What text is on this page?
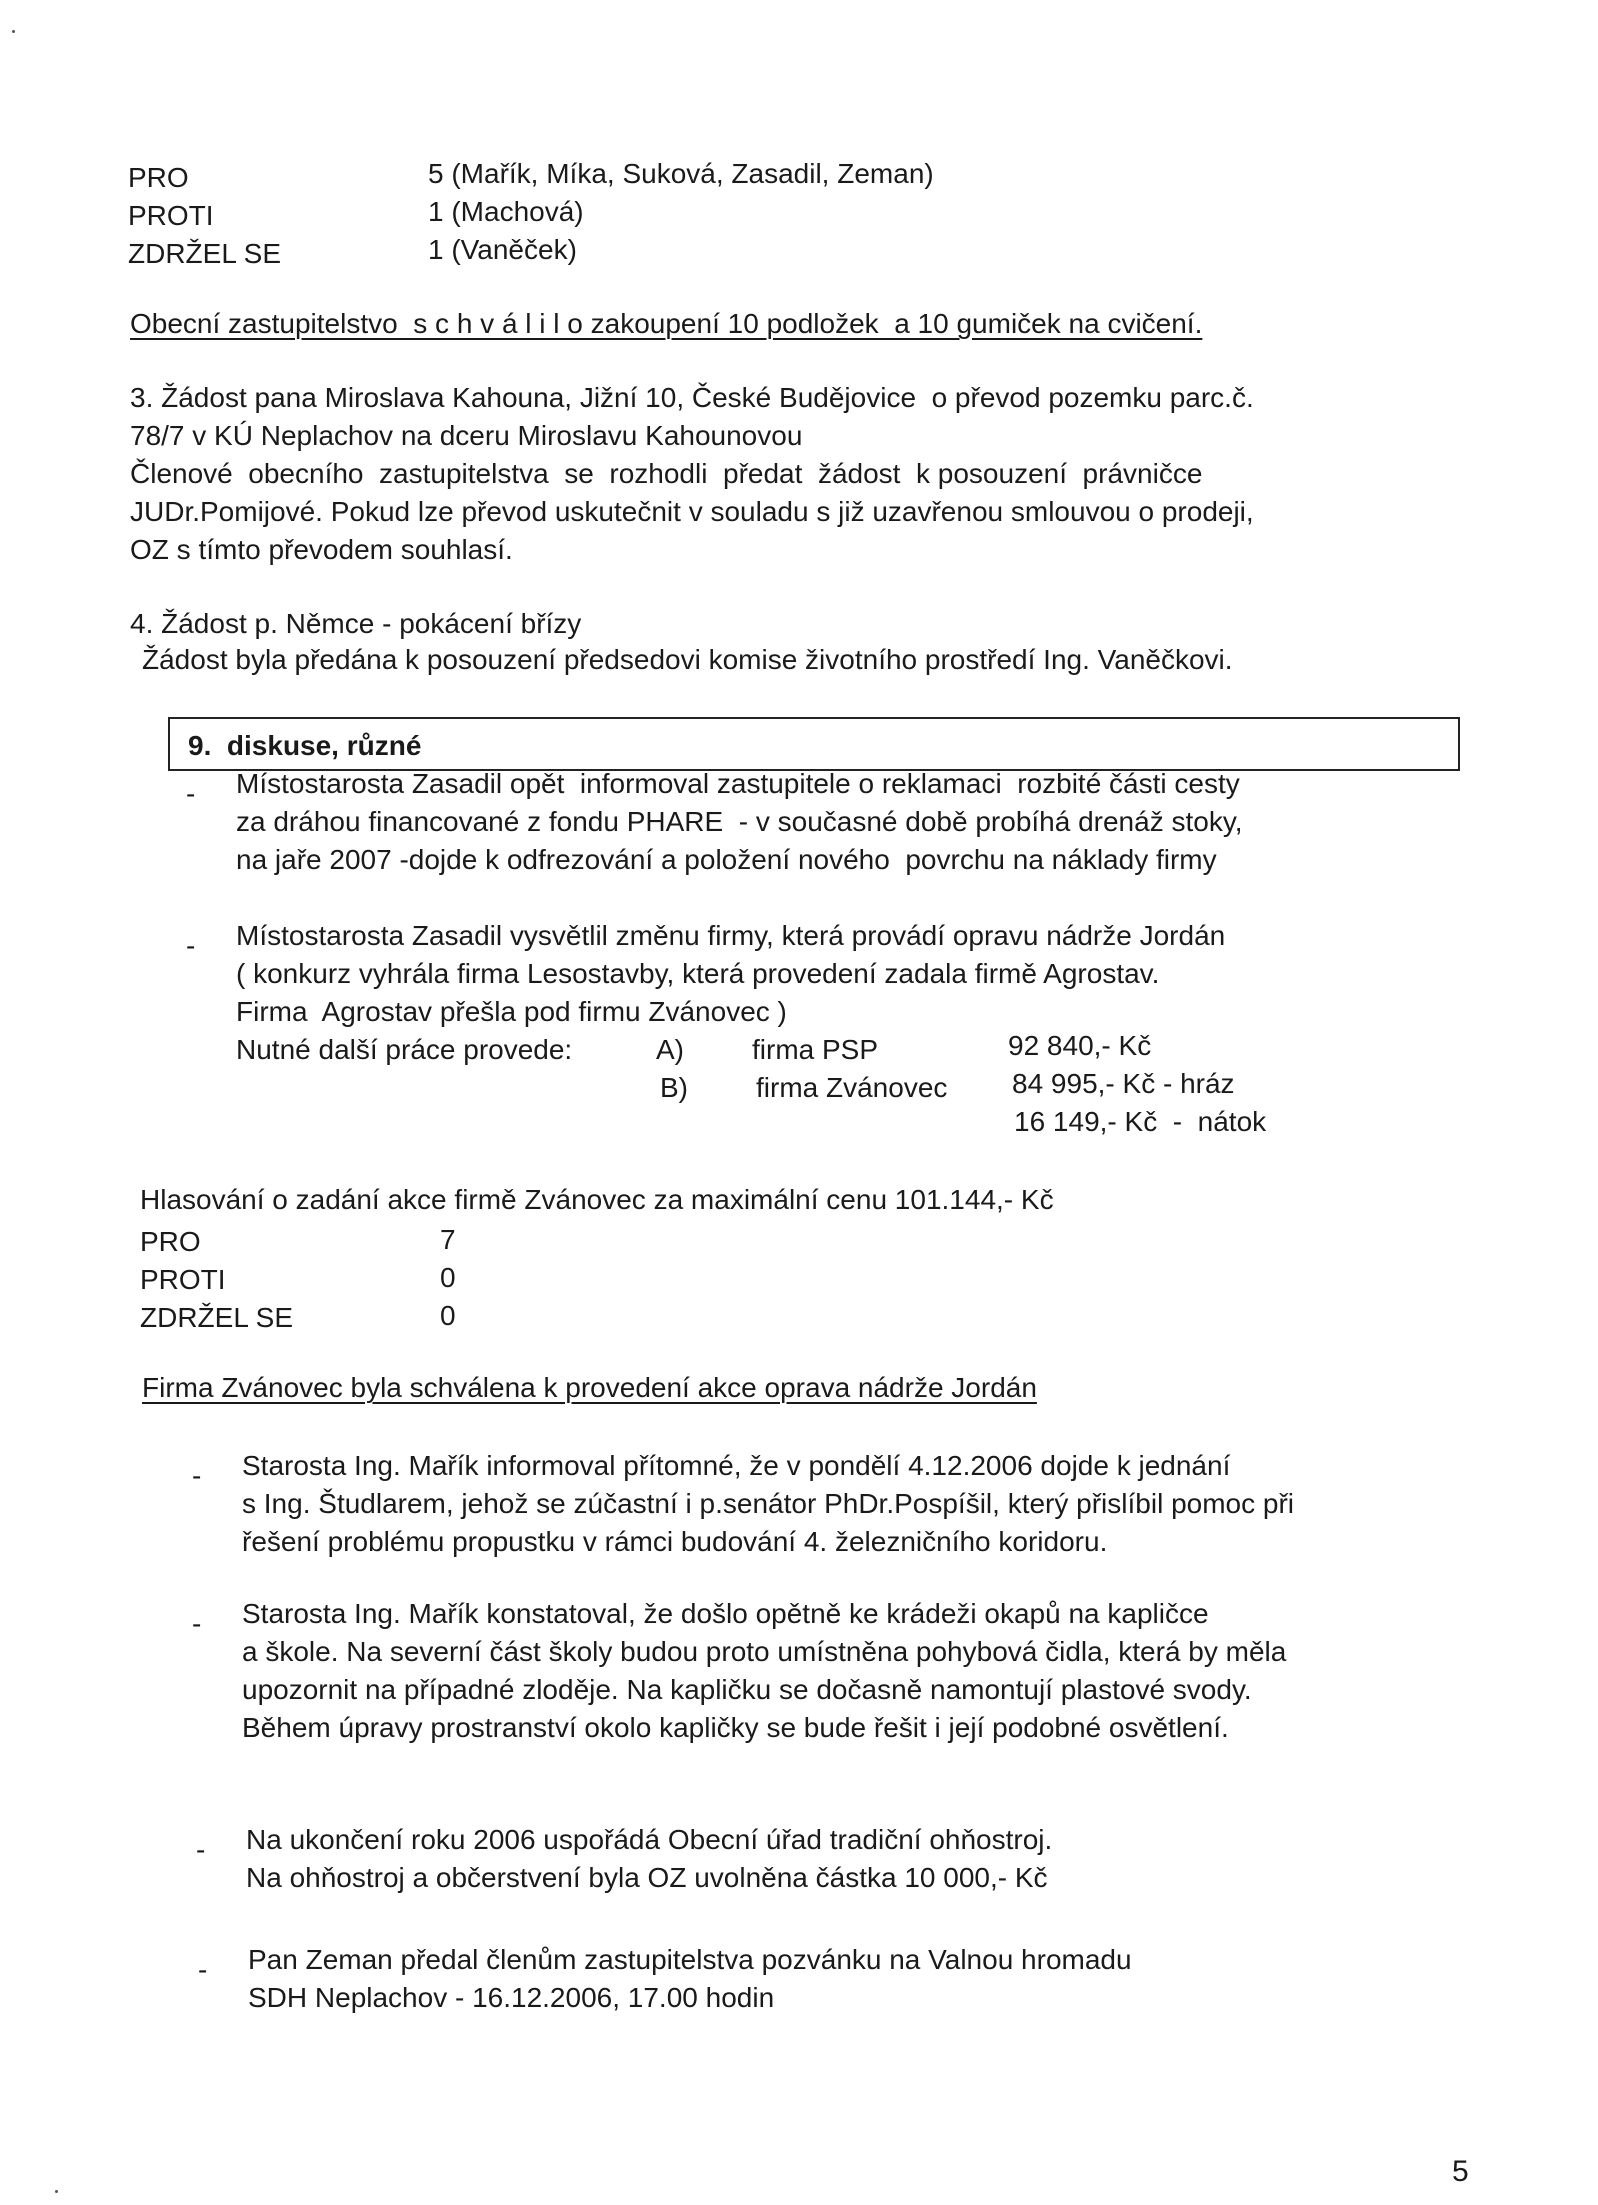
PRO	5 (Mařík, Míka, Suková, Zasadil, Zeman)
PROTI	1 (Machová)
ZDRŽEL SE	1 (Vaněček)
Obecní zastupitelstvo  s c h v á l i l o zakoupení 10 podložek  a 10 gumiček na cvičení.
3. Žádost pana Miroslava Kahouna, Jižní 10, České Budějovice  o převod pozemku parc.č.
78/7 v KÚ Neplachov na dceru Miroslavu Kahounovou
Členové  obecního  zastupitelstva  se  rozhodli  předat  žádost  k posouzení  právničce
JUDr.Pomijové. Pokud lze převod uskutečnit v souladu s již uzavřenou smlouvou o prodeji,
OZ s tímto převodem souhlasí.
4. Žádost p. Němce - pokácení břízy
Žádost byla předána k posouzení předsedovi komise životního prostředí Ing. Vaněčkovi.
9.  diskuse, různé
- Místostarosta Zasadil opět  informoval zastupitele o reklamaci  rozbité části cesty
za dráhou financované z fondu PHARE  - v současné době probíhá drenáž stoky,
na jaře 2007 -dojde k odfrezování a položení nového  povrchu na náklady firmy
- Místostarosta Zasadil vysvětlil změnu firmy, která provádí opravu nádrže Jordán
( konkurz vyhrála firma Lesostavby, která provedení zadala firmě Agrostav.
Firma  Agrostav přešla pod firmu Zvánovec )
Nutné další práce provede:	A) firma PSP	92 840,- Kč
B) firma Zvánovec 84 995,- Kč - hráz
16 149,- Kč  -  nátok
Hlasování o zadání akce firmě Zvánovec za maximální cenu 101.144,- Kč
PRO	7
PROTI	0
ZDRŽEL SE	0
Firma Zvánovec byla schválena k provedení akce oprava nádrže Jordán
- Starosta Ing. Mařík informoval přítomné, že v pondělí 4.12.2006 dojde k jednání
s Ing. Študlarem, jehož se zúčastní i p.senátor PhDr.Pospíšil, který přislíbil pomoc při
řešení problému propustku v rámci budování 4. železničního koridoru.
- Starosta Ing. Mařík konstatoval, že došlo opětně ke krádeži okapů na kapličce
a škole. Na severní část školy budou proto umístněna pohybová čidla, která by měla
upozornit na případné zloděje. Na kapličku se dočasně namontují plastové svody.
Během úpravy prostranství okolo kapličky se bude řešit i její podobné osvětlení.
- Na ukončení roku 2006 uspořádá Obecní úřad tradiční ohňostroj.
Na ohňostroj a občerstvení byla OZ uvolněna částka 10 000,- Kč
- Pan Zeman předal členům zastupitelstva pozvánku na Valnou hromadu
SDH Neplachov - 16.12.2006, 17.00 hodin
5
